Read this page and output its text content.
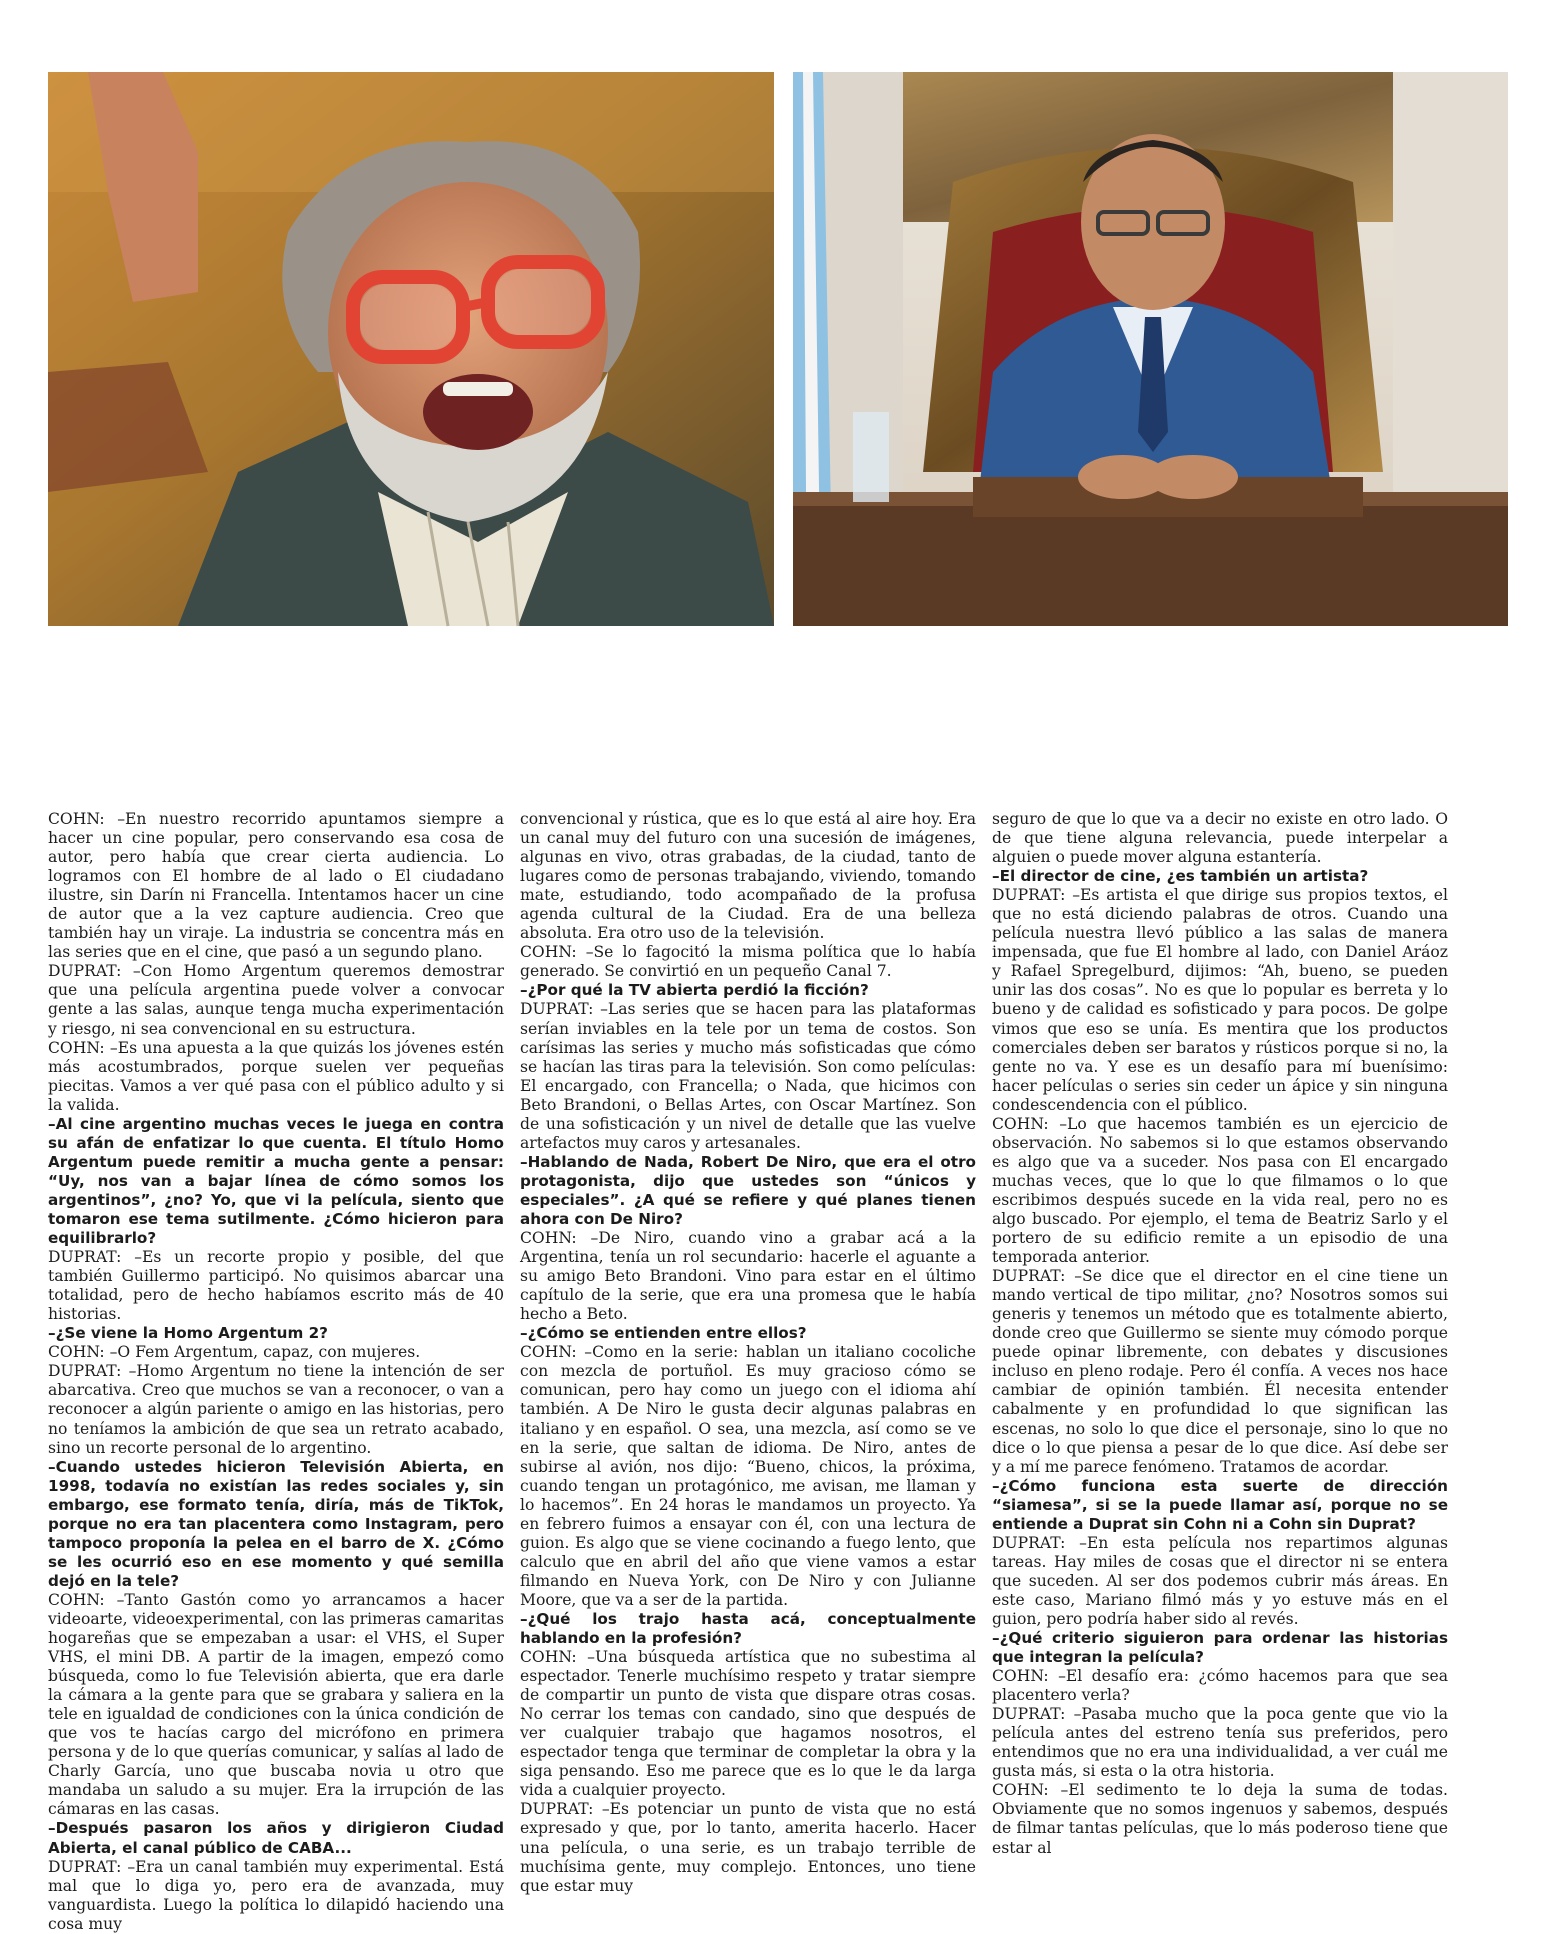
COHN: –En nuestro recorrido apuntamos siempre a hacer un cine popular, pero conservando esa cosa de autor, pero había que crear cierta audiencia. Lo logramos con El hombre de al lado o El ciudadano ilustre, sin Darín ni Francella. Intentamos hacer un cine de autor que a la vez capture audiencia. Creo que también hay un viraje. La industria se concentra más en las series que en el cine, que pasó a un segundo plano.

DUPRAT: –Con Homo Argentum queremos demostrar que una película argentina puede volver a convocar gente a las salas, aunque tenga mucha experimentación y riesgo, ni sea convencional en su estructura.

COHN: –Es una apuesta a la que quizás los jóvenes estén más acostumbrados, porque suelen ver pequeñas piecitas. Vamos a ver qué pasa con el público adulto y si la valida.

–Al cine argentino muchas veces le juega en contra su afán de enfatizar lo que cuenta. El título Homo Argentum puede remitir a mucha gente a pensar: “Uy, nos van a bajar línea de cómo somos los argentinos”, ¿no? Yo, que vi la película, siento que tomaron ese tema sutilmente. ¿Cómo hicieron para equilibrarlo?

DUPRAT: –Es un recorte propio y posible, del que también Guillermo participó. No quisimos abarcar una totalidad, pero de hecho habíamos escrito más de 40 historias.

–¿Se viene la Homo Argentum 2?

COHN: –O Fem Argentum, capaz, con mujeres.

DUPRAT: –Homo Argentum no tiene la intención de ser abarcativa. Creo que muchos se van a reconocer, o van a reconocer a algún pariente o amigo en las historias, pero no teníamos la ambición de que sea un retrato acabado, sino un recorte personal de lo argentino.

–Cuando ustedes hicieron Televisión Abierta, en 1998, todavía no existían las redes sociales y, sin embargo, ese formato tenía, diría, más de TikTok, porque no era tan placentera como Instagram, pero tampoco proponía la pelea en el barro de X. ¿Cómo se les ocurrió eso en ese momento y qué semilla dejó en la tele?

COHN: –Tanto Gastón como yo arrancamos a hacer videoarte, videoexperimental, con las primeras camaritas hogareñas que se empezaban a usar: el VHS, el Super VHS, el mini DB. A partir de la imagen, empezó como búsqueda, como lo fue Televisión abierta, que era darle la cámara a la gente para que se grabara y saliera en la tele en igualdad de condiciones con la única condición de que vos te hacías cargo del micrófono en primera persona y de lo que querías comunicar, y salías al lado de Charly García, uno que buscaba novia u otro que mandaba un saludo a su mujer. Era la irrupción de las cámaras en las casas.

–Después pasaron los años y dirigieron Ciudad Abierta, el canal público de CABA...

DUPRAT: –Era un canal también muy experimental. Está mal que lo diga yo, pero era de avanzada, muy vanguardista. Luego la política lo dilapidó haciendo una cosa muy

convencional y rústica, que es lo que está al aire hoy. Era un canal muy del futuro con una sucesión de imágenes, algunas en vivo, otras grabadas, de la ciudad, tanto de lugares como de personas trabajando, viviendo, tomando mate, estudiando, todo acompañado de la profusa agenda cultural de la Ciudad. Era de una belleza absoluta. Era otro uso de la televisión.

COHN: –Se lo fagocitó la misma política que lo había generado. Se convirtió en un pequeño Canal 7.

–¿Por qué la TV abierta perdió la ficción?

DUPRAT: –Las series que se hacen para las plataformas serían inviables en la tele por un tema de costos. Son carísimas las series y mucho más sofisticadas que cómo se hacían las tiras para la televisión. Son como películas: El encargado, con Francella; o Nada, que hicimos con Beto Brandoni, o Bellas Artes, con Oscar Martínez. Son de una sofisticación y un nivel de detalle que las vuelve artefactos muy caros y artesanales.

–Hablando de Nada, Robert De Niro, que era el otro protagonista, dijo que ustedes son “únicos y especiales”. ¿A qué se refiere y qué planes tienen ahora con De Niro?

COHN: –De Niro, cuando vino a grabar acá a la Argentina, tenía un rol secundario: hacerle el aguante a su amigo Beto Brandoni. Vino para estar en el último capítulo de la serie, que era una promesa que le había hecho a Beto.

–¿Cómo se entienden entre ellos?

COHN: –Como en la serie: hablan un italiano cocoliche con mezcla de portuñol. Es muy gracioso cómo se comunican, pero hay como un juego con el idioma ahí también. A De Niro le gusta decir algunas palabras en italiano y en español. O sea, una mezcla, así como se ve en la serie, que saltan de idioma. De Niro, antes de subirse al avión, nos dijo: “Bueno, chicos, la próxima, cuando tengan un protagónico, me avisan, me llaman y lo hacemos”. En 24 horas le mandamos un proyecto. Ya en febrero fuimos a ensayar con él, con una lectura de guion. Es algo que se viene cocinando a fuego lento, que calculo que en abril del año que viene vamos a estar filmando en Nueva York, con De Niro y con Julianne Moore, que va a ser de la partida.

–¿Qué los trajo hasta acá, conceptualmente hablando en la profesión?

COHN: –Una búsqueda artística que no subestima al espectador. Tenerle muchísimo respeto y tratar siempre de compartir un punto de vista que dispare otras cosas. No cerrar los temas con candado, sino que después de ver cualquier trabajo que hagamos nosotros, el espectador tenga que terminar de completar la obra y la siga pensando. Eso me parece que es lo que le da larga vida a cualquier proyecto.

DUPRAT: –Es potenciar un punto de vista que no está expresado y que, por lo tanto, amerita hacerlo. Hacer una película, o una serie, es un trabajo terrible de muchísima gente, muy complejo. Entonces, uno tiene que estar muy

seguro de que lo que va a decir no existe en otro lado. O de que tiene alguna relevancia, puede interpelar a alguien o puede mover alguna estantería.

–El director de cine, ¿es también un artista?

DUPRAT: –Es artista el que dirige sus propios textos, el que no está diciendo palabras de otros. Cuando una película nuestra llevó público a las salas de manera impensada, que fue El hombre al lado, con Daniel Aráoz y Rafael Spregelburd, dijimos: “Ah, bueno, se pueden unir las dos cosas”. No es que lo popular es berreta y lo bueno y de calidad es sofisticado y para pocos. De golpe vimos que eso se unía. Es mentira que los productos comerciales deben ser baratos y rústicos porque si no, la gente no va. Y ese es un desafío para mí buenísimo: hacer películas o series sin ceder un ápice y sin ninguna condescendencia con el público.

COHN: –Lo que hacemos también es un ejercicio de observación. No sabemos si lo que estamos observando es algo que va a suceder. Nos pasa con El encargado muchas veces, que lo que lo que filmamos o lo que escribimos después sucede en la vida real, pero no es algo buscado. Por ejemplo, el tema de Beatriz Sarlo y el portero de su edificio remite a un episodio de una temporada anterior.

DUPRAT: –Se dice que el director en el cine tiene un mando vertical de tipo militar, ¿no? Nosotros somos sui generis y tenemos un método que es totalmente abierto, donde creo que Guillermo se siente muy cómodo porque puede opinar libremente, con debates y discusiones incluso en pleno rodaje. Pero él confía. A veces nos hace cambiar de opinión también. Él necesita entender cabalmente y en profundidad lo que significan las escenas, no solo lo que dice el personaje, sino lo que no dice o lo que piensa a pesar de lo que dice. Así debe ser y a mí me parece fenómeno. Tratamos de acordar.

–¿Cómo funciona esta suerte de dirección “siamesa”, si se la puede llamar así, porque no se entiende a Duprat sin Cohn ni a Cohn sin Duprat?

DUPRAT: –En esta película nos repartimos algunas tareas. Hay miles de cosas que el director ni se entera que suceden. Al ser dos podemos cubrir más áreas. En este caso, Mariano filmó más y yo estuve más en el guion, pero podría haber sido al revés.

–¿Qué criterio siguieron para ordenar las historias que integran la película?

COHN: –El desafío era: ¿cómo hacemos para que sea placentero verla?

DUPRAT: –Pasaba mucho que la poca gente que vio la película antes del estreno tenía sus preferidos, pero entendimos que no era una individualidad, a ver cuál me gusta más, si esta o la otra historia.

COHN: –El sedimento te lo deja la suma de todas. Obviamente que no somos ingenuos y sabemos, después de filmar tantas películas, que lo más poderoso tiene que estar al
